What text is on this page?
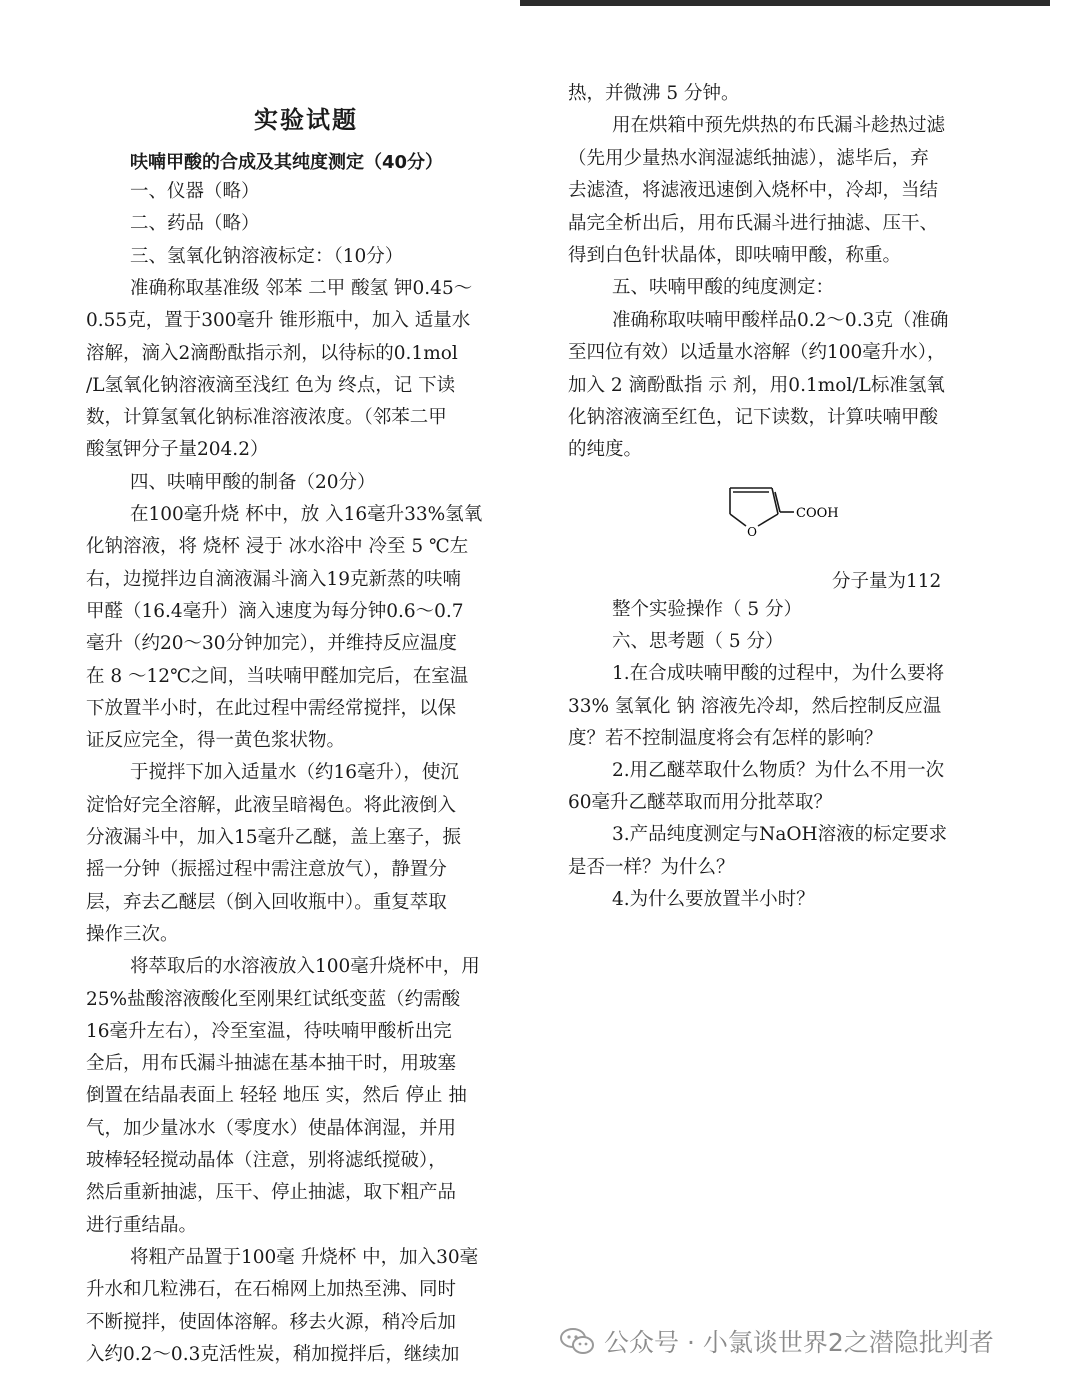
实验试题
呋喃甲酸的合成及其纯度测定（40分）
一、仪器（略）
二、药品（略）
三、氢氧化钠溶液标定：（10分）
准确称取基准级 邻苯 二甲 酸氢 钾0.45～
0.55克，置于300毫升 锥形瓶中，加入 适量水
溶解，滴入2滴酚酞指示剂，以待标的0.1mol
/L氢氧化钠溶液滴至浅红 色为 终点，记 下读
数，计算氢氧化钠标准溶液浓度。（邻苯二甲
酸氢钾分子量204.2）
四、呋喃甲酸的制备（20分）
在100毫升烧 杯中，放 入16毫升33%氢氧
化钠溶液，将 烧杯 浸于 冰水浴中 冷至 5 ℃左
右，边搅拌边自滴液漏斗滴入19克新蒸的呋喃
甲醛（16.4毫升）滴入速度为每分钟0.6～0.7
毫升（约20～30分钟加完），并维持反应温度
在 8 ～12℃之间，当呋喃甲醛加完后，在室温
下放置半小时，在此过程中需经常搅拌，以保
证反应完全，得一黄色浆状物。
于搅拌下加入适量水（约16毫升），使沉
淀恰好完全溶解，此液呈暗褐色。将此液倒入
分液漏斗中，加入15毫升乙醚，盖上塞子，振
摇一分钟（振摇过程中需注意放气），静置分
层，弃去乙醚层（倒入回收瓶中）。重复萃取
操作三次。
将萃取后的水溶液放入100毫升烧杯中，用
25%盐酸溶液酸化至刚果红试纸变蓝（约需酸
16毫升左右），冷至室温，待呋喃甲酸析出完
全后，用布氏漏斗抽滤在基本抽干时，用玻塞
倒置在结晶表面上 轻轻 地压 实，然后 停止 抽
气，加少量冰水（零度水）使晶体润湿，并用
玻棒轻轻搅动晶体（注意，别将滤纸搅破），
然后重新抽滤，压干、停止抽滤，取下粗产品
进行重结晶。
将粗产品置于100毫 升烧杯 中，加入30毫
升水和几粒沸石，在石棉网上加热至沸、同时
不断搅拌，使固体溶解。移去火源，稍冷后加
入约0.2～0.3克活性炭，稍加搅拌后，继续加
热，并微沸 5 分钟。
用在烘箱中预先烘热的布氏漏斗趁热过滤
（先用少量热水润湿滤纸抽滤），滤毕后，弃
去滤渣，将滤液迅速倒入烧杯中，冷却，当结
晶完全析出后，用布氏漏斗进行抽滤、压干、
得到白色针状晶体，即呋喃甲酸，称重。
五、呋喃甲酸的纯度测定：
准确称取呋喃甲酸样品0.2～0.3克（准确
至四位有效）以适量水溶解（约100毫升水），
加入 2 滴酚酞指 示 剂，用0.1mol/L标准氢氧
化钠溶液滴至红色，记下读数，计算呋喃甲酸
的纯度。
O
COOH
分子量为112
整个实验操作（ 5 分）
六、思考题（ 5 分）
1.在合成呋喃甲酸的过程中，为什么要将
33% 氢氧化 钠 溶液先冷却，然后控制反应温
度？若不控制温度将会有怎样的影响？
2.用乙醚萃取什么物质？为什么不用一次
60毫升乙醚萃取而用分批萃取？
3.产品纯度测定与NaOH溶液的标定要求
是否一样？为什么？
4.为什么要放置半小时？
公众号 · 小氯谈世界2之潜隐批判者
